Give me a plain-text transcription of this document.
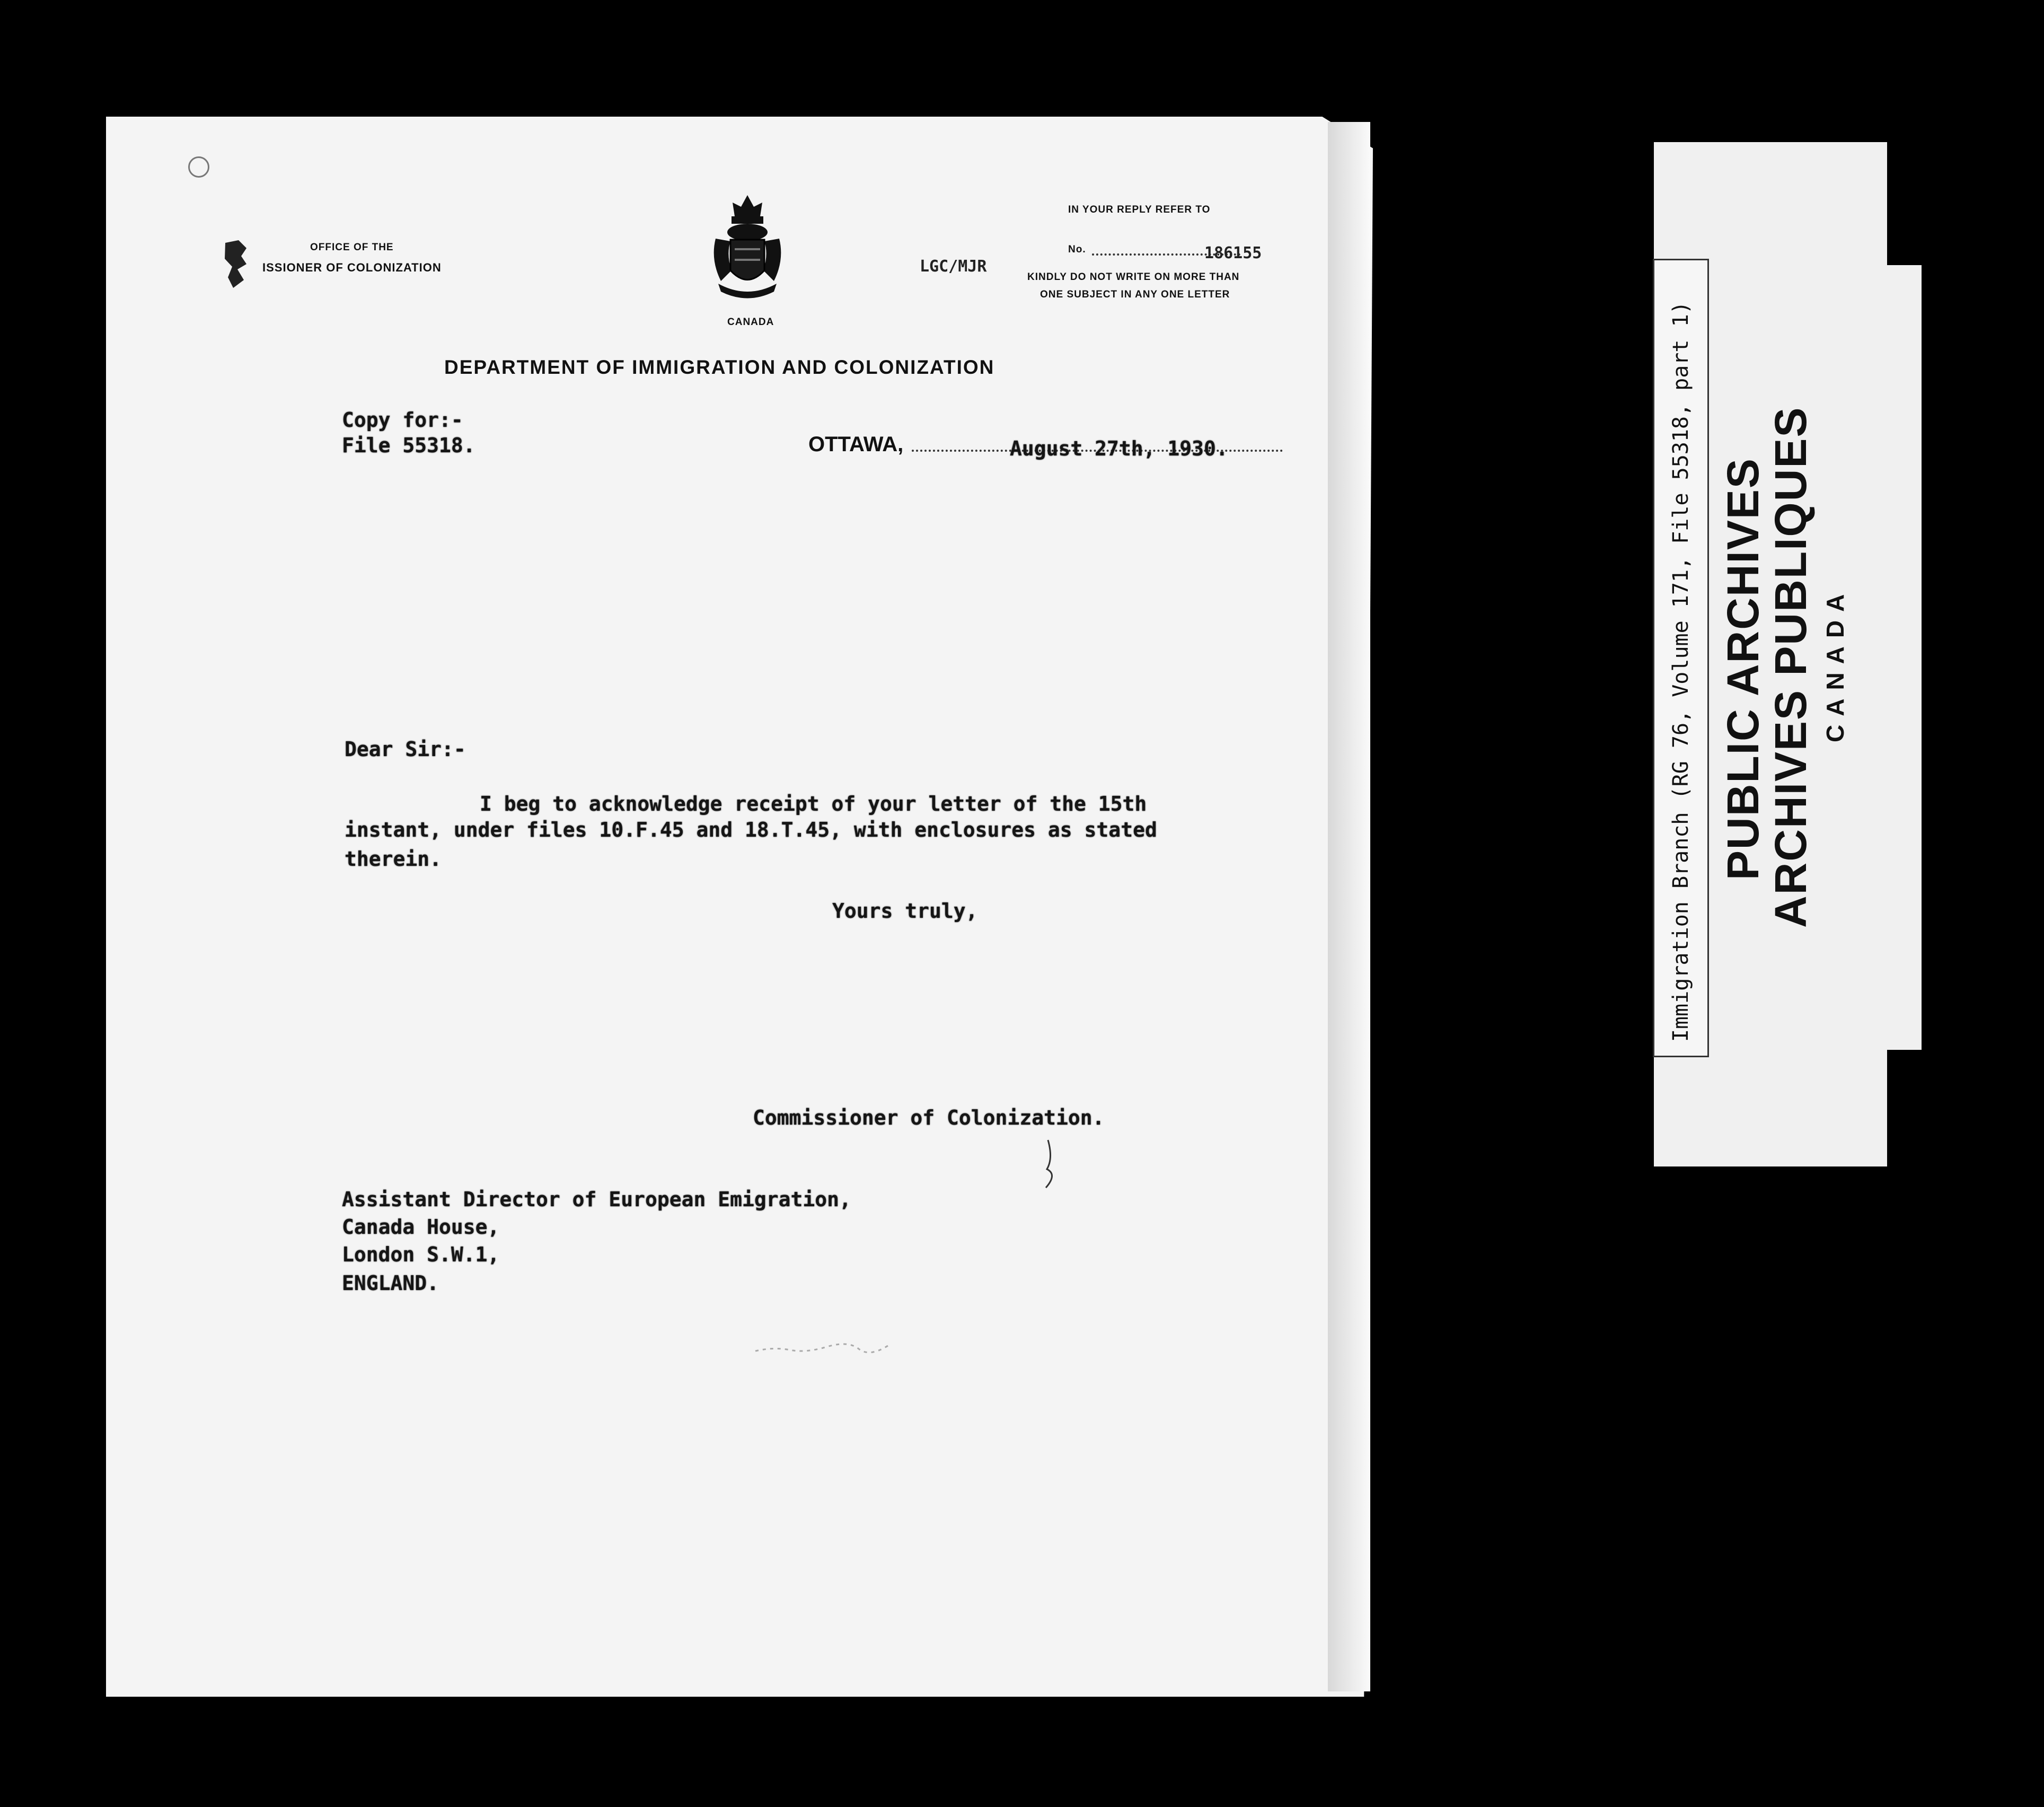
OFFICE OF THE
ISSIONER OF COLONIZATION
CANADA
IN YOUR REPLY REFER TO
No.	186155
LGC/MJR
KINDLY DO NOT WRITE ON MORE THAN
ONE SUBJECT IN ANY ONE LETTER
DEPARTMENT OF IMMIGRATION AND COLONIZATION
Copy for:-
File 55318.	OTTAWA,	August 27th, 1930.
Dear Sir:-
I beg to acknowledge receipt of your letter of the 15th
instant, under files 10.F.45 and 18.T.45, with enclosures as stated
therein.
Yours truly,
Commissioner of Colonization.
Assistant Director of European Emigration,
Canada House,
London S.W.1,
ENGLAND.
Immigration Branch (RG 76, Volume 171, File 55318, part 1) PUBLIC ARCHIVES
ARCHIVES PUBLIQUES CANADA
